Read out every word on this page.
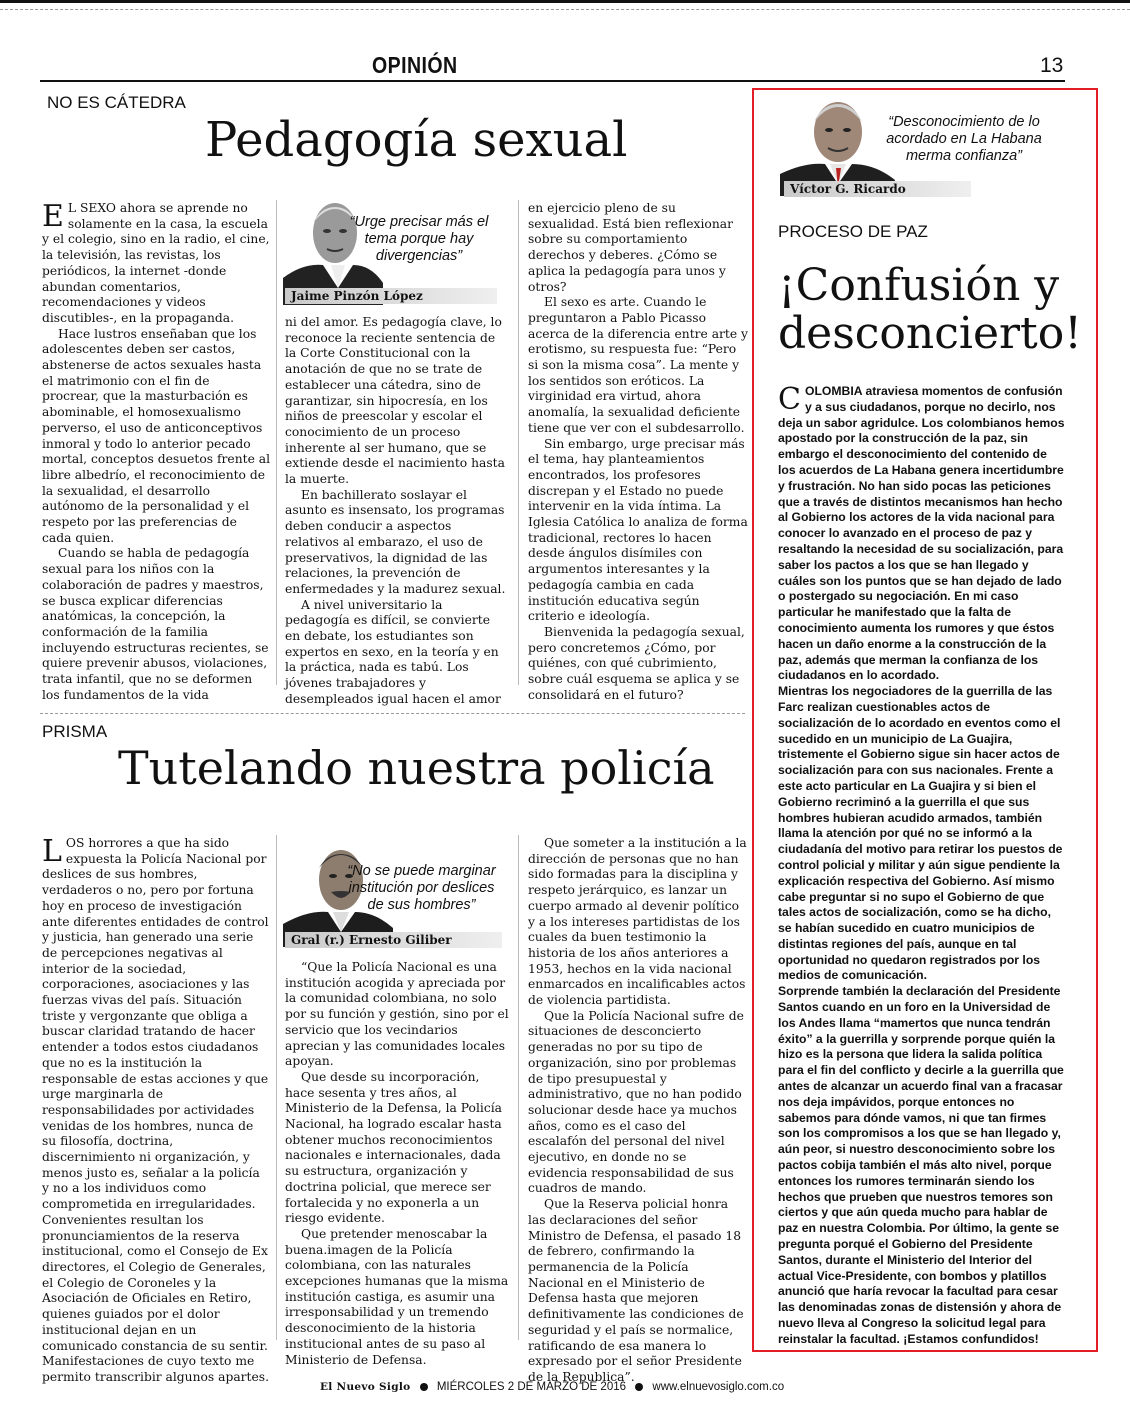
OPINIÓN	13
NO ES CÁTEDRA
Pedagogía sexual
E L SEXO ahora se aprende no solamente en la casa, la escuela y el colegio, sino en la radio, el cine, la televisión, las revistas, los periódicos, la internet -donde abundan comentarios, recomendaciones y videos discutibles-, en la propaganda.

Hace lustros enseñaban que los adolescentes deben ser castos, abstenerse de actos sexuales hasta el matrimonio con el fin de procrear, que la masturbación es abominable, el homosexualismo perverso, el uso de anticonceptivos inmoral y todo lo anterior pecado mortal, conceptos desuetos frente al libre albedrío, el reconocimiento de la sexualidad, el desarrollo autónomo de la personalidad y el respeto por las preferencias de cada quien.

Cuando se habla de pedagogía sexual para los niños con la colaboración de padres y maestros, se busca explicar diferencias anatómicas, la concepción, la conformación de la familia incluyendo estructuras recientes, se quiere prevenir abusos, violaciones, trata infantil, que no se deformen los fundamentos de la vida

“Urge precisar más el tema porque hay divergencias”
Jaime Pinzón López

ni del amor. Es pedagogía clave, lo reconoce la reciente sentencia de la Corte Constitucional con la anotación de que no se trate de establecer una cátedra, sino de garantizar, sin hipocresía, en los niños de preescolar y escolar el conocimiento de un proceso inherente al ser humano, que se extiende desde el nacimiento hasta la muerte.

En bachillerato soslayar el asunto es insensato, los programas deben conducir a aspectos relativos al embarazo, el uso de preservativos, la dignidad de las relaciones, la prevención de enfermedades y la madurez sexual.

A nivel universitario la pedagogía es difícil, se convierte en debate, los estudiantes son expertos en sexo, en la teoría y en la práctica, nada es tabú. Los jóvenes trabajadores y desempleados igual hacen el amor

en ejercicio pleno de su sexualidad. Está bien reflexionar sobre su comportamiento derechos y deberes. ¿Cómo se aplica la pedagogía para unos y otros?

El sexo es arte. Cuando le preguntaron a Pablo Picasso acerca de la diferencia entre arte y erotismo, su respuesta fue: “Pero si son la misma cosa”. La mente y los sentidos son eróticos. La virginidad era virtud, ahora anomalía, la sexualidad deficiente tiene que ver con el subdesarrollo.

Sin embargo, urge precisar más el tema, hay planteamientos encontrados, los profesores discrepan y el Estado no puede intervenir en la vida íntima. La Iglesia Católica lo analiza de forma tradicional, rectores lo hacen desde ángulos disímiles con argumentos interesantes y la pedagogía cambia en cada institución educativa según criterio e ideología.

Bienvenida la pedagogía sexual, pero concretemos ¿Cómo, por quiénes, con qué cubrimiento, sobre cuál esquema se aplica y se consolidará en el futuro?

PRISMA
Tutelando nuestra policía
L OS horrores a que ha sido expuesta la Policía Nacional por deslices de sus hombres, verdaderos o no, pero por fortuna hoy en proceso de investigación ante diferentes entidades de control y justicia, han generado una serie de percepciones negativas al interior de la sociedad, corporaciones, asociaciones y las fuerzas vivas del país. Situación triste y vergonzante que obliga a buscar claridad tratando de hacer entender a todos estos ciudadanos que no es la institución la responsable de estas acciones y que urge marginarla de responsabilidades por actividades venidas de los hombres, nunca de su filosofía, doctrina, discernimiento ni organización, y menos justo es, señalar a la policía y no a los individuos como comprometida en irregularidades. Convenientes resultan los pronunciamientos de la reserva institucional, como el Consejo de Ex directores, el Colegio de Generales, el Colegio de Coroneles y la Asociación de Oficiales en Retiro, quienes guiados por el dolor institucional dejan en un comunicado constancia de su sentir. Manifestaciones de cuyo texto me permito transcribir algunos apartes.

“No se puede marginar institución por deslices de sus hombres”
Gral (r.) Ernesto Giliber

“Que la Policía Nacional es una institución acogida y apreciada por la comunidad colombiana, no solo por su función y gestión, sino por el servicio que los vecindarios aprecian y las comunidades locales apoyan.

Que desde su incorporación, hace sesenta y tres años, al Ministerio de la Defensa, la Policía Nacional, ha logrado escalar hasta obtener muchos reconocimientos nacionales e internacionales, dada su estructura, organización y doctrina policial, que merece ser fortalecida y no exponerla a un riesgo evidente.

Que pretender menoscabar la buena.imagen de la Policía colombiana, con las naturales excepciones humanas que la misma institución castiga, es asumir una irresponsabilidad y un tremendo desconocimiento de la historia institucional antes de su paso al Ministerio de Defensa.

Que someter a la institución a la dirección de personas que no han sido formadas para la disciplina y respeto jerárquico, es lanzar un cuerpo armado al devenir político y a los intereses partidistas de los cuales da buen testimonio la historia de los años anteriores a 1953, hechos en la vida nacional enmarcados en incalificables actos de violencia partidista.

Que la Policía Nacional sufre de situaciones de desconcierto generadas no por su tipo de organización, sino por problemas de tipo presupuestal y administrativo, que no han podido solucionar desde hace ya muchos años, como es el caso del escalafón del personal del nivel ejecutivo, en donde no se evidencia responsabilidad de sus cuadros de mando.

Que la Reserva policial honra las declaraciones del señor Ministro de Defensa, el pasado 18 de febrero, confirmando la permanencia de la Policía Nacional en el Ministerio de Defensa hasta que mejoren definitivamente las condiciones de seguridad y el país se normalice, ratificando de esa manera lo expresado por el señor Presidente de la Republica”.

“Desconocimiento de lo acordado en La Habana merma confianza”
Víctor G. Ricardo
PROCESO DE PAZ
¡Confusión y
desconcierto!
C OLOMBIA atraviesa momentos de confusión y a sus ciudadanos, porque no decirlo, nos deja un sabor agridulce. Los colombianos hemos apostado por la construcción de la paz, sin embargo el desconocimiento del contenido de los acuerdos de La Habana genera incertidumbre y frustración. No han sido pocas las peticiones que a través de distintos mecanismos han hecho al Gobierno los actores de la vida nacional para conocer lo avanzado en el proceso de paz y resaltando la necesidad de su socialización, para saber los pactos a los que se han llegado y cuáles son los puntos que se han dejado de lado o postergado su negociación. En mi caso particular he manifestado que la falta de conocimiento aumenta los rumores y que éstos hacen un daño enorme a la construcción de la paz, además que merman la confianza de los ciudadanos en lo acordado.

Mientras los negociadores de la guerrilla de las Farc realizan cuestionables actos de socialización de lo acordado en eventos como el sucedido en un municipio de La Guajira, tristemente el Gobierno sigue sin hacer actos de socialización para con sus nacionales. Frente a este acto particular en La Guajira y si bien el Gobierno recriminó a la guerrilla el que sus hombres hubieran acudido armados, también llama la atención por qué no se informó a la ciudadanía del motivo para retirar los puestos de control policial y militar y aún sigue pendiente la explicación respectiva del Gobierno. Así mismo cabe preguntar si no supo el Gobierno de que tales actos de socialización, como se ha dicho, se habían sucedido en cuatro municipios de distintas regiones del país, aunque en tal oportunidad no quedaron registrados por los medios de comunicación.

Sorprende también la declaración del Presidente Santos cuando en un foro en la Universidad de los Andes llama “mamertos que nunca tendrán éxito” a la guerrilla y sorprende porque quién la hizo es la persona que lidera la salida política para el fin del conflicto y decirle a la guerrilla que antes de alcanzar un acuerdo final van a fracasar nos deja impávidos, porque entonces no sabemos para dónde vamos, ni que tan firmes son los compromisos a los que se han llegado y, aún peor, si nuestro desconocimiento sobre los pactos cobija también el más alto nivel, porque entonces los rumores terminarán siendo los hechos que prueben que nuestros temores son ciertos y que aún queda mucho para hablar de paz en nuestra Colombia. Por último, la gente se pregunta porqué el Gobierno del Presidente Santos, durante el Ministerio del Interior del actual Vice-Presidente, con bombos y platillos anunció que haría revocar la facultad para cesar las denominadas zonas de distensión y ahora de nuevo lleva al Congreso la solicitud legal para reinstalar la facultad. ¡Estamos confundidos!

El Nuevo Siglo MIÉRCOLES 2 DE MARZO DE 2016 www.elnuevosiglo.com.co
